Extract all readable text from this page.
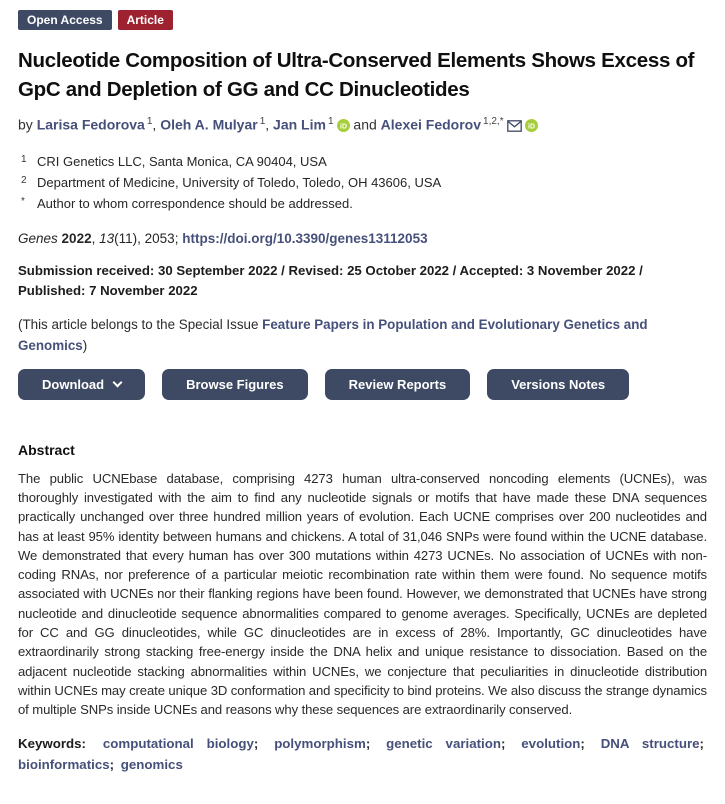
Open Access	Article
Nucleotide Composition of Ultra-Conserved Elements Shows Excess of GpC and Depletion of GG and CC Dinucleotides
by Larisa Fedorova $^1$, Oleh A. Mulyar $^1$, Jan Lim $^1$ iD and Alexei Fedorov $^{1,2,*}$	iD
1 CRI Genetics LLC, Santa Monica, CA 90404, USA
2 Department of Medicine, University of Toledo, Toledo, OH 43606, USA
* Author to whom correspondence should be addressed.
Genes 2022, 13(11), 2053; https://doi.org/10.3390/genes13112053
Submission received: 30 September 2022 / Revised: 25 October 2022 / Accepted: 3 November 2022 / Published: 7 November 2022
(This article belongs to the Special Issue Feature Papers in Population and Evolutionary Genetics and Genomics)
Download	Browse Figures	Review Reports	Versions Notes
Abstract

The public UCNEbase database, comprising 4273 human ultra-conserved noncoding elements (UCNEs), was thoroughly investigated with the aim to find any nucleotide signals or motifs that have made these DNA sequences practically unchanged over three hundred million years of evolution. Each UCNE comprises over 200 nucleotides and has at least 95% identity between humans and chickens. A total of 31,046 SNPs were found within the UCNE database. We demonstrated that every human has over 300 mutations within 4273 UCNEs. No association of UCNEs with non-coding RNAs, nor preference of a particular meiotic recombination rate within them were found. No sequence motifs associated with UCNEs nor their flanking regions have been found. However, we demonstrated that UCNEs have strong nucleotide and dinucleotide sequence abnormalities compared to genome averages. Specifically, UCNEs are depleted for CC and GG dinucleotides, while GC dinucleotides are in excess of 28%. Importantly, GC dinucleotides have extraordinarily strong stacking free-energy inside the DNA helix and unique resistance to dissociation. Based on the adjacent nucleotide stacking abnormalities within UCNEs, we conjecture that peculiarities in dinucleotide distribution within UCNEs may create unique 3D conformation and specificity to bind proteins. We also discuss the strange dynamics of multiple SNPs inside UCNEs and reasons why these sequences are extraordinarily conserved.

Keywords: computational biology; polymorphism; genetic variation; evolution; DNA structure; bioinformatics; genomics
